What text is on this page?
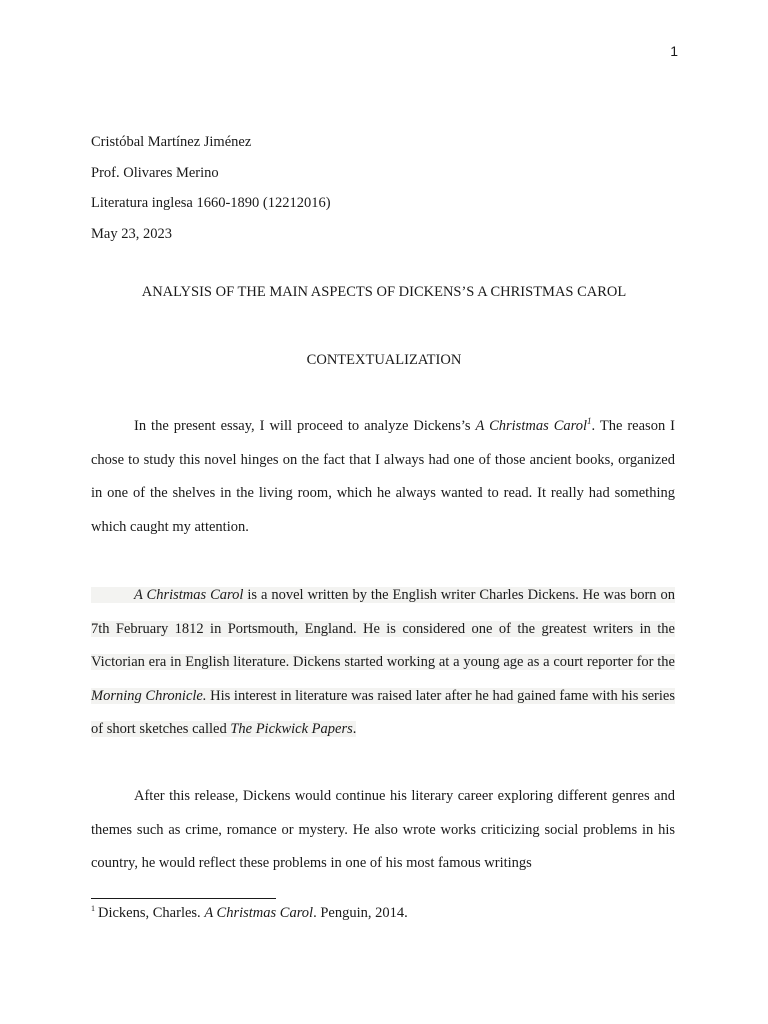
1
Cristóbal Martínez Jiménez
Prof. Olivares Merino
Literatura inglesa 1660-1890 (12212016)
May 23, 2023
ANALYSIS OF THE MAIN ASPECTS OF DICKENS’S A CHRISTMAS CAROL
CONTEXTUALIZATION

In the present essay, I will proceed to analyze Dickens’s A Christmas Carol$^1$. The reason I chose to study this novel hinges on the fact that I always had one of those ancient books, organized in one of the shelves in the living room, which he always wanted to read. It really had something which caught my attention.

A Christmas Carol is a novel written by the English writer Charles Dickens. He was born on 7th February 1812 in Portsmouth, England. He is considered one of the greatest writers in the Victorian era in English literature. Dickens started working at a young age as a court reporter for the Morning Chronicle. His interest in literature was raised later after he had gained fame with his series of short sketches called The Pickwick Papers.

After this release, Dickens would continue his literary career exploring different genres and themes such as crime, romance or mystery. He also wrote works criticizing social problems in his country, he would reflect these problems in one of his most famous writings

$^1$ Dickens, Charles. A Christmas Carol. Penguin, 2014.
